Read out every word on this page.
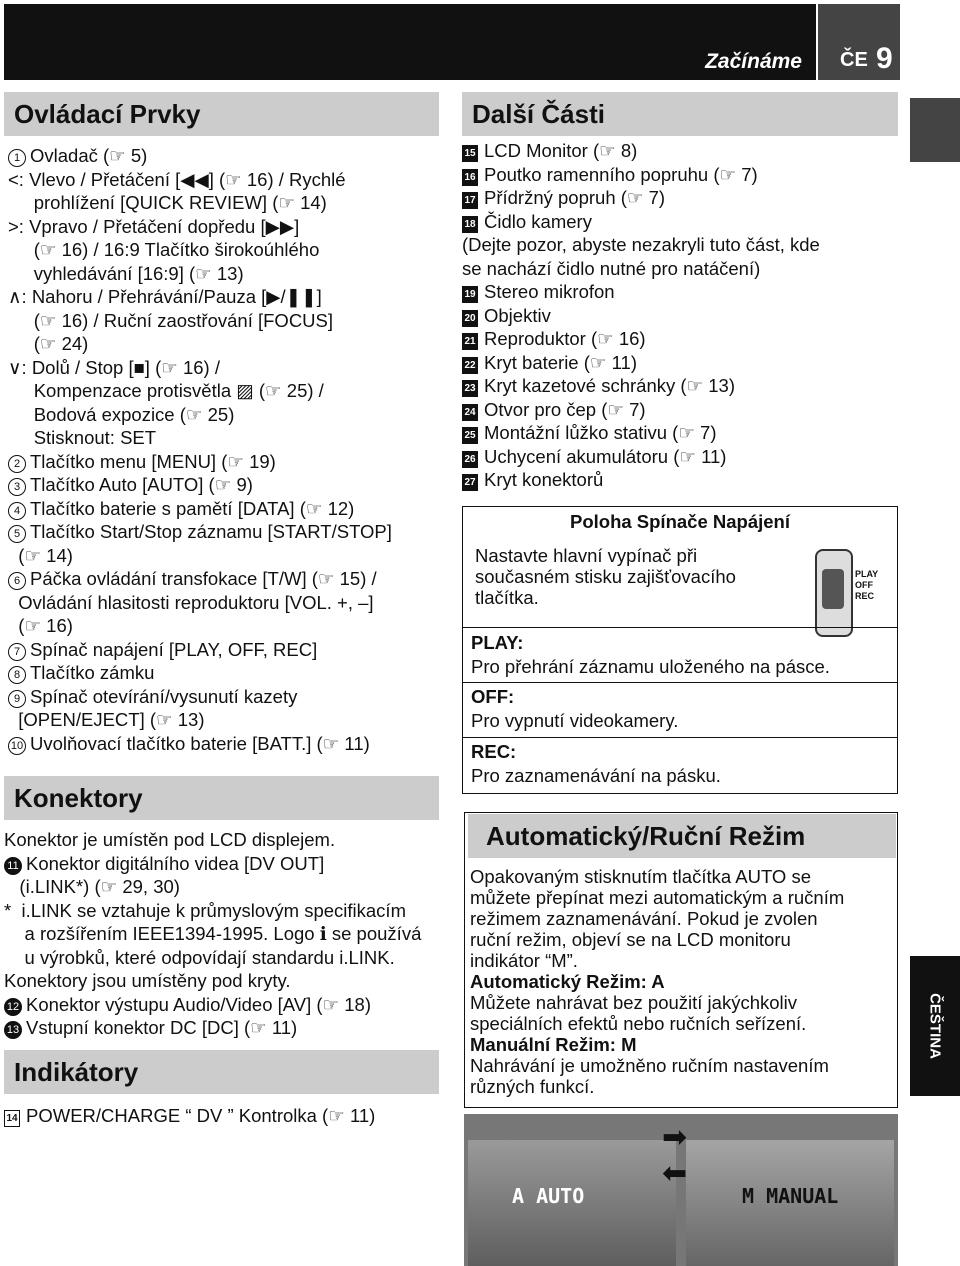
Začínáme ČE 9
ČEŠTINA
Ovládací Prvky
1 Ovladač (☞ 5)
<: Vlevo / Přetáčení [◀◀] (☞ 16) / Rychlé
prohlížení [QUICK REVIEW] (☞ 14)
>: Vpravo / Přetáčení dopředu [▶▶]
(☞ 16) / 16:9 Tlačítko širokoúhlého
vyhledávání [16:9] (☞ 13)
∧: Nahoru / Přehrávání/Pauza [▶/❚❚]
(☞ 16) / Ruční zaostřování [FOCUS]
(☞ 24)
∨: Dolů / Stop [■] (☞ 16) /
Kompenzace protisvětla ▨ (☞ 25) /
Bodová expozice (☞ 25)
Stisknout: SET
2 Tlačítko menu [MENU] (☞ 19)
3 Tlačítko Auto [AUTO] (☞ 9)
4 Tlačítko baterie s pamětí [DATA] (☞ 12)
5 Tlačítko Start/Stop záznamu [START/STOP]
(☞ 14)
6 Páčka ovládání transfokace [T/W] (☞ 15) /
Ovládání hlasitosti reproduktoru [VOL. +, –]
(☞ 16)
7 Spínač napájení [PLAY, OFF, REC]
8 Tlačítko zámku
9 Spínač otevírání/vysunutí kazety
[OPEN/EJECT] (☞ 13)
10 Uvolňovací tlačítko baterie [BATT.] (☞ 11)
Konektory
Konektor je umístěn pod LCD displejem.
11 Konektor digitálního videa [DV OUT]
(i.LINK*) (☞ 29, 30)
*  i.LINK se vztahuje k průmyslovým specifikacím
a rozšířením IEEE1394-1995. Logo ℹ se používá
u výrobků, které odpovídají standardu i.LINK.
Konektory jsou umístěny pod kryty.
12 Konektor výstupu Audio/Video [AV] (☞ 18)
13 Vstupní konektor DC [DC] (☞ 11)
Indikátory
14 POWER/CHARGE “ DV ” Kontrolka (☞ 11)
Další Části
15 LCD Monitor (☞ 8)
16 Poutko ramenního popruhu (☞ 7)
17 Přídržný popruh (☞ 7)
18 Čidlo kamery
(Dejte pozor, abyste nezakryli tuto část, kde
se nachází čidlo nutné pro natáčení)
19 Stereo mikrofon
20 Objektiv
21 Reproduktor (☞ 16)
22 Kryt baterie (☞ 11)
23 Kryt kazetové schránky (☞ 13)
24 Otvor pro čep (☞ 7)
25 Montážní lůžko stativu (☞ 7)
26 Uchycení akumulátoru (☞ 11)
27 Kryt konektorů
Poloha Spínače Napájení
Nastavte hlavní vypínač při
současném stisku zajišťovacího
tlačítka.
PLAY
OFF
REC
PLAY:
Pro přehrání záznamu uloženého na pásce.
OFF:
Pro vypnutí videokamery.
REC:
Pro zaznamenávání na pásku.
Automatický/Ruční Režim
Opakovaným stisknutím tlačítka AUTO se
můžete přepínat mezi automatickým a ručním
režimem zaznamenávání. Pokud je zvolen
ruční režim, objeví se na LCD monitoru
indikátor “M”.
Automatický Režim: A
Můžete nahrávat bez použití jakýchkoliv
speciálních efektů nebo ručních seřízení.
Manuální Režim: M
Nahrávání je umožněno ručním nastavením
různých funkcí.
A AUTO	M MANUAL
➡
➡
